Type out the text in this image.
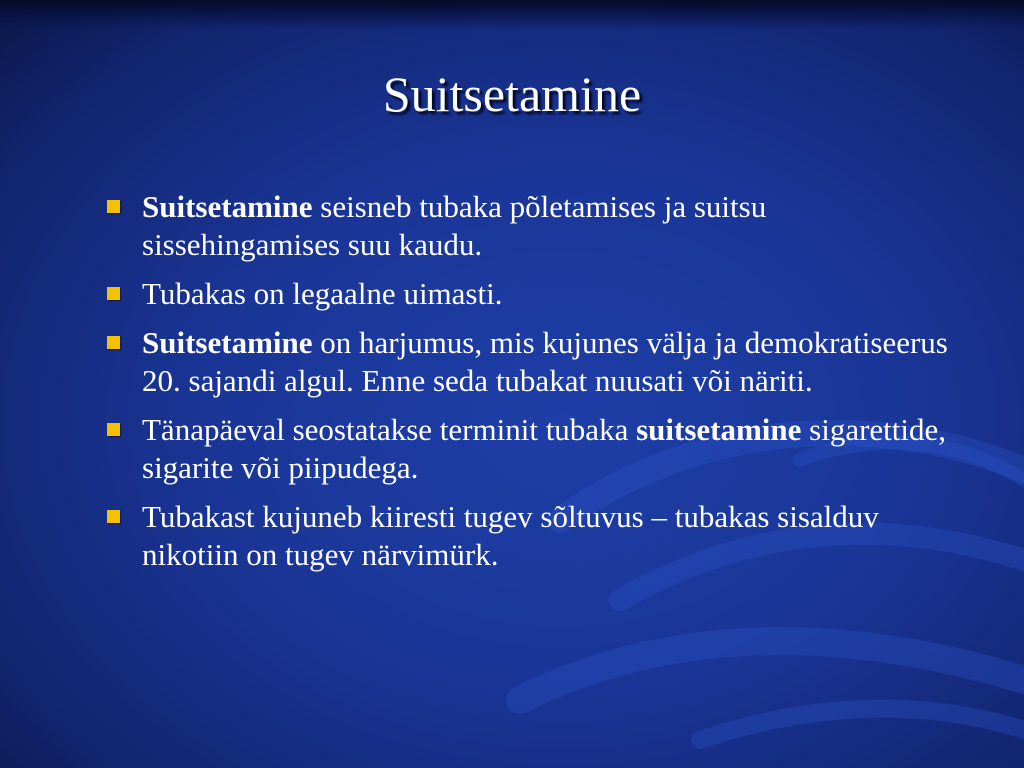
Suitsetamine
Suitsetamine seisneb tubaka põletamises ja suitsu sissehingamises suu kaudu.
Tubakas on legaalne uimasti.
Suitsetamine on harjumus, mis kujunes välja ja demokratiseerus 20. sajandi algul. Enne seda tubakat nuusati või näriti.
Tänapäeval seostatakse terminit tubaka suitsetamine sigarettide, sigarite või piipudega.
Tubakast kujuneb kiiresti tugev sõltuvus – tubakas sisalduv nikotiin on tugev närvimürk.
